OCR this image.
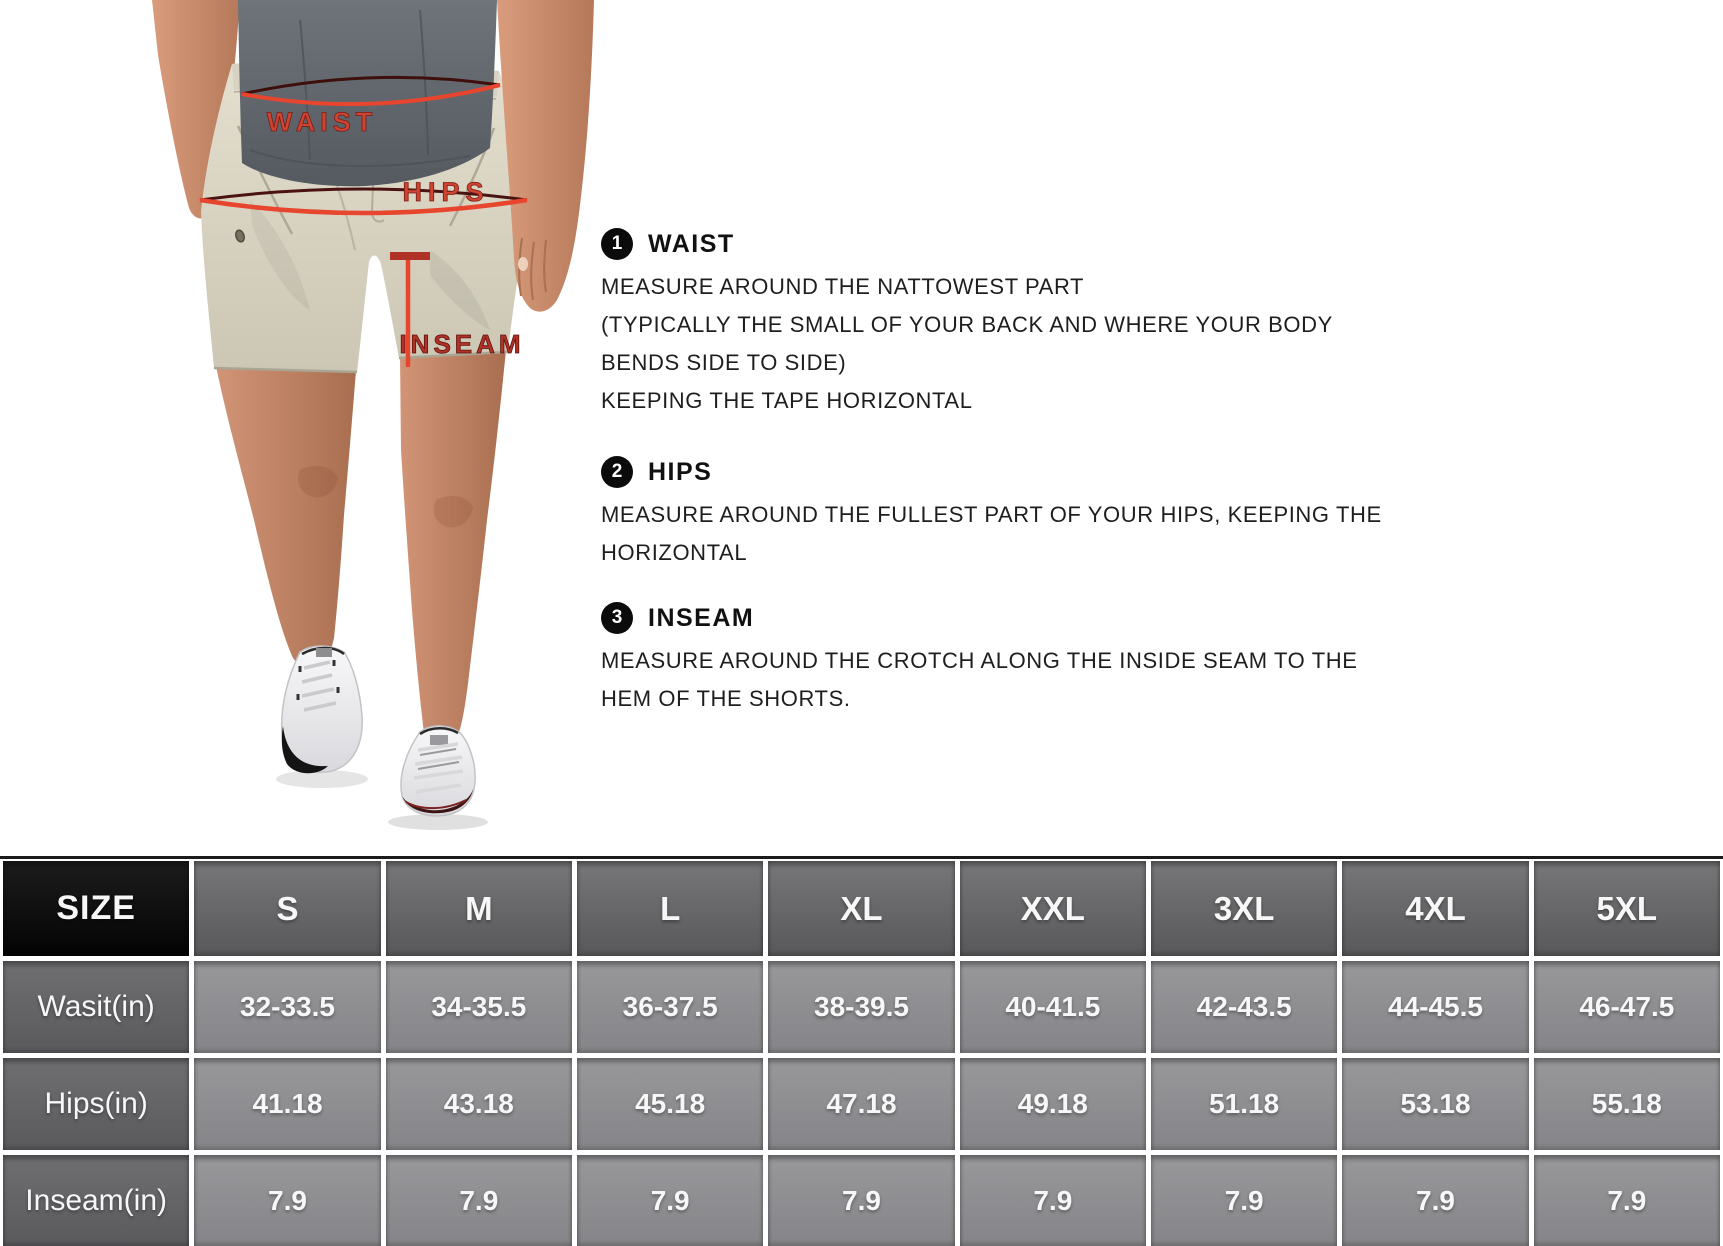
WAIST
HIPS
INSEAM
1 WAIST
MEASURE AROUND THE NATTOWEST PART
(TYPICALLY THE SMALL OF YOUR BACK AND WHERE YOUR BODY
BENDS SIDE TO SIDE)
KEEPING THE TAPE HORIZONTAL
2 HIPS
MEASURE AROUND THE FULLEST PART OF YOUR HIPS, KEEPING THE
HORIZONTAL
3 INSEAM
MEASURE AROUND THE CROTCH ALONG THE INSIDE SEAM TO THE
HEM OF THE SHORTS.
SIZE	S	M	L	XL	XXL	3XL	4XL	5XL
Wasit(in)	32-33.5	34-35.5	36-37.5	38-39.5	40-41.5	42-43.5	44-45.5	46-47.5
Hips(in)	41.18	43.18	45.18	47.18	49.18	51.18	53.18	55.18
Inseam(in)	7.9	7.9	7.9	7.9	7.9	7.9	7.9	7.9
